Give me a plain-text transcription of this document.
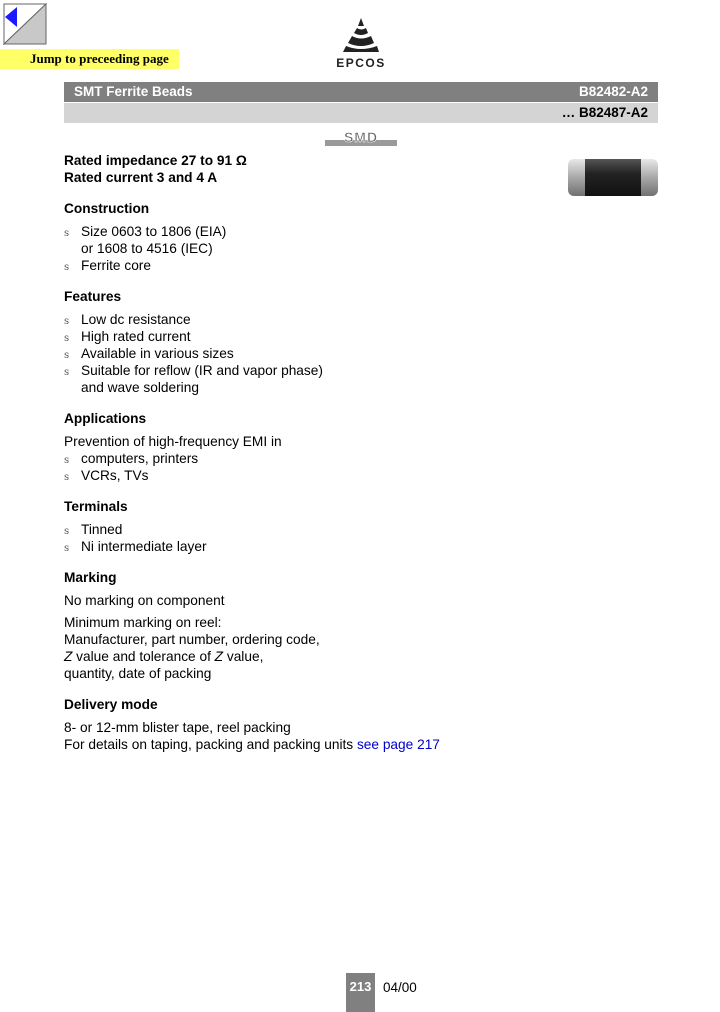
Jump to preceeding page	EPCOS
SMT Ferrite Beads	B82482-A2
… B82487-A2
SMD
Rated impedance 27 to 91 Ω
Rated current 3 and 4 A
Construction
s Size 0603 to 1806 (EIA)
or 1608 to 4516 (IEC)
s Ferrite core
Features
s Low dc resistance
s High rated current
s Available in various sizes
s Suitable for reflow (IR and vapor phase)
and wave soldering
Applications
Prevention of high-frequency EMI in
s computers, printers
s VCRs, TVs
Terminals
s Tinned
s Ni intermediate layer
Marking
No marking on component
Minimum marking on reel:
Manufacturer, part number, ordering code,
Z value and tolerance of Z value,
quantity, date of packing
Delivery mode
8- or 12-mm blister tape, reel packing
For details on taping, packing and packing units see page 217
213 04/00
